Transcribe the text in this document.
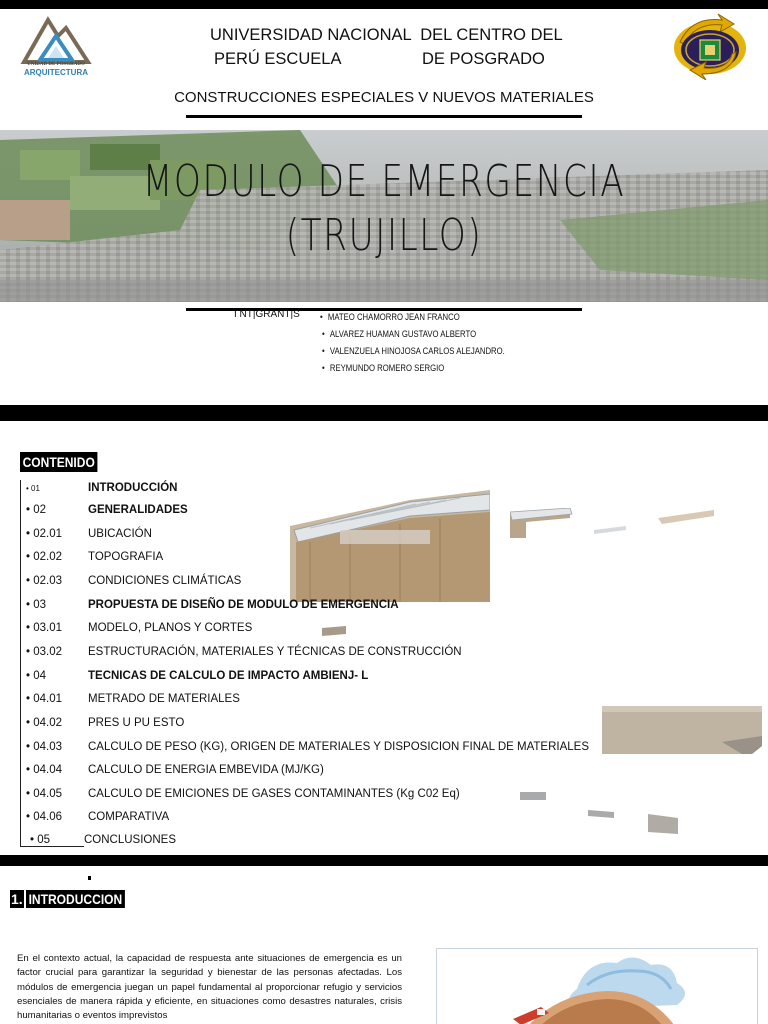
UNIDAD DE POSGRADO
ARQUITECTURA
UNIVERSIDAD NACIONAL  DEL CENTRO DEL
PERÚ ESCUELA	DE POSGRADO
CONSTRUCCIONES ESPECIALES V NUEVOS MATERIALES
MODULO DE EMERGENCIA
(TRUJILLO)
I NT|GRANT|S
•	MATEO CHAMORRO JEAN FRANCO
• ALVAREZ HUAMAN GUSTAVO ALBERTO
• VALENZUELA HINOJOSA CARLOS ALEJANDRO.
• REYMUNDO ROMERO SERGIO
CONTENIDO
• 01	INTRODUCCIÓN
• 02	GENERALIDADES
• 02.01 UBICACIÓN
• 02.02 TOPOGRAFIA
• 02.03 CONDICIONES CLIMÁTICAS
• 03	PROPUESTA DE DISEÑO DE MODULO DE EMERGENCIA
• 03.01 MODELO, PLANOS Y CORTES
• 03.02 ESTRUCTURACIÓN, MATERIALES Y TÉCNICAS DE CONSTRUCCIÓN
• 04	TECNICAS DE CALCULO DE IMPACTO AMBIENJ- L
• 04.01 METRADO DE MATERIALES
• 04.02 PRES U PU ESTO
• 04.03 CALCULO DE PESO (KG), ORIGEN DE MATERIALES Y DISPOSICION FINAL DE MATERIALES
• 04.04 CALCULO DE ENERGIA EMBEVIDA (MJ/KG)
• 04.05 CALCULO DE EMICIONES DE GASES CONTAMINANTES (Kg C02 Eq)
• 04.06 COMPARATIVA
• 05	CONCLUSIONES
1. INTRODUCCION

En el contexto actual, la capacidad de respuesta ante situaciones de emergencia es un factor crucial para garantizar la seguridad y bienestar de las personas afectadas. Los módulos de emergencia juegan un papel fundamental al proporcionar refugio y servicios esenciales de manera rápida y eficiente, en situaciones como desastres naturales, crisis humanitarias o eventos imprevistos
